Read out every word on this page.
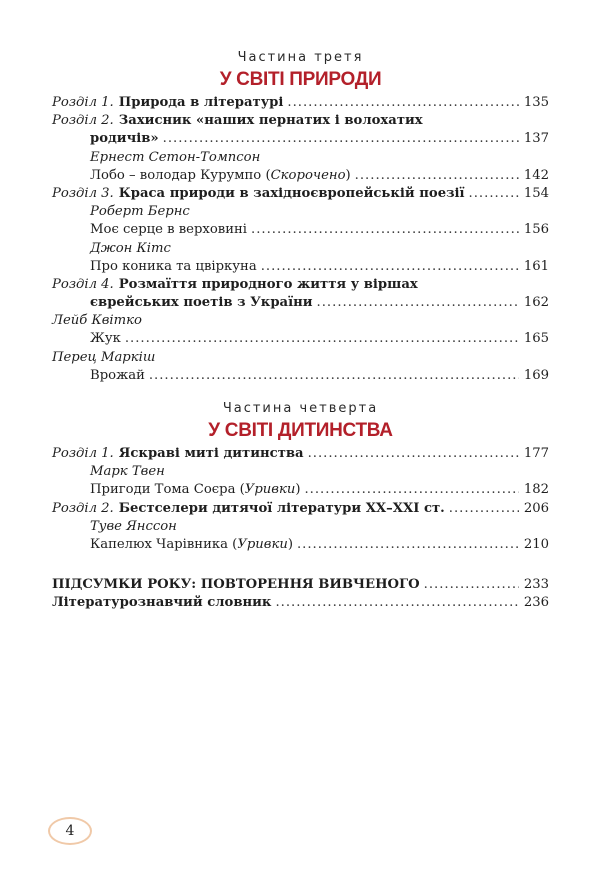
Частина третя
У СВІТІ ПРИРОДИ
Розділ 1. Природа в літературі .....	135
Розділ 2. Захисник «наших пернатих і волохатих
родичів» .....	137
Ернест Сетон-Томпсон
Лобо – володар Курумпо (Скорочено) .....	142
Розділ 3. Краса природи в західноєвропейській поезії .....	154
Роберт Бернс
Моє серце в верховині .....	156
Джон Кітс
Про коника та цвіркуна .....	161
Розділ 4. Розмаїття природного життя у віршах
єврейських поетів з України .....	162
Лейб Квітко
Жук .....	165
Перец Маркіш
Врожай .....	169
Частина четверта
У СВІТІ ДИТИНСТВА
Розділ 1. Яскраві миті дитинства .....	177
Марк Твен
Пригоди Тома Соєра (Уривки) .....	182
Розділ 2. Бестселери дитячої літератури XX–XXI ст. .....	206
Туве Янссон
Капелюх Чарівника (Уривки) .....	210
ПІДСУМКИ РОКУ: ПОВТОРЕННЯ ВИВЧЕНОГО .....	233
Літературознавчий словник .....	236
4
